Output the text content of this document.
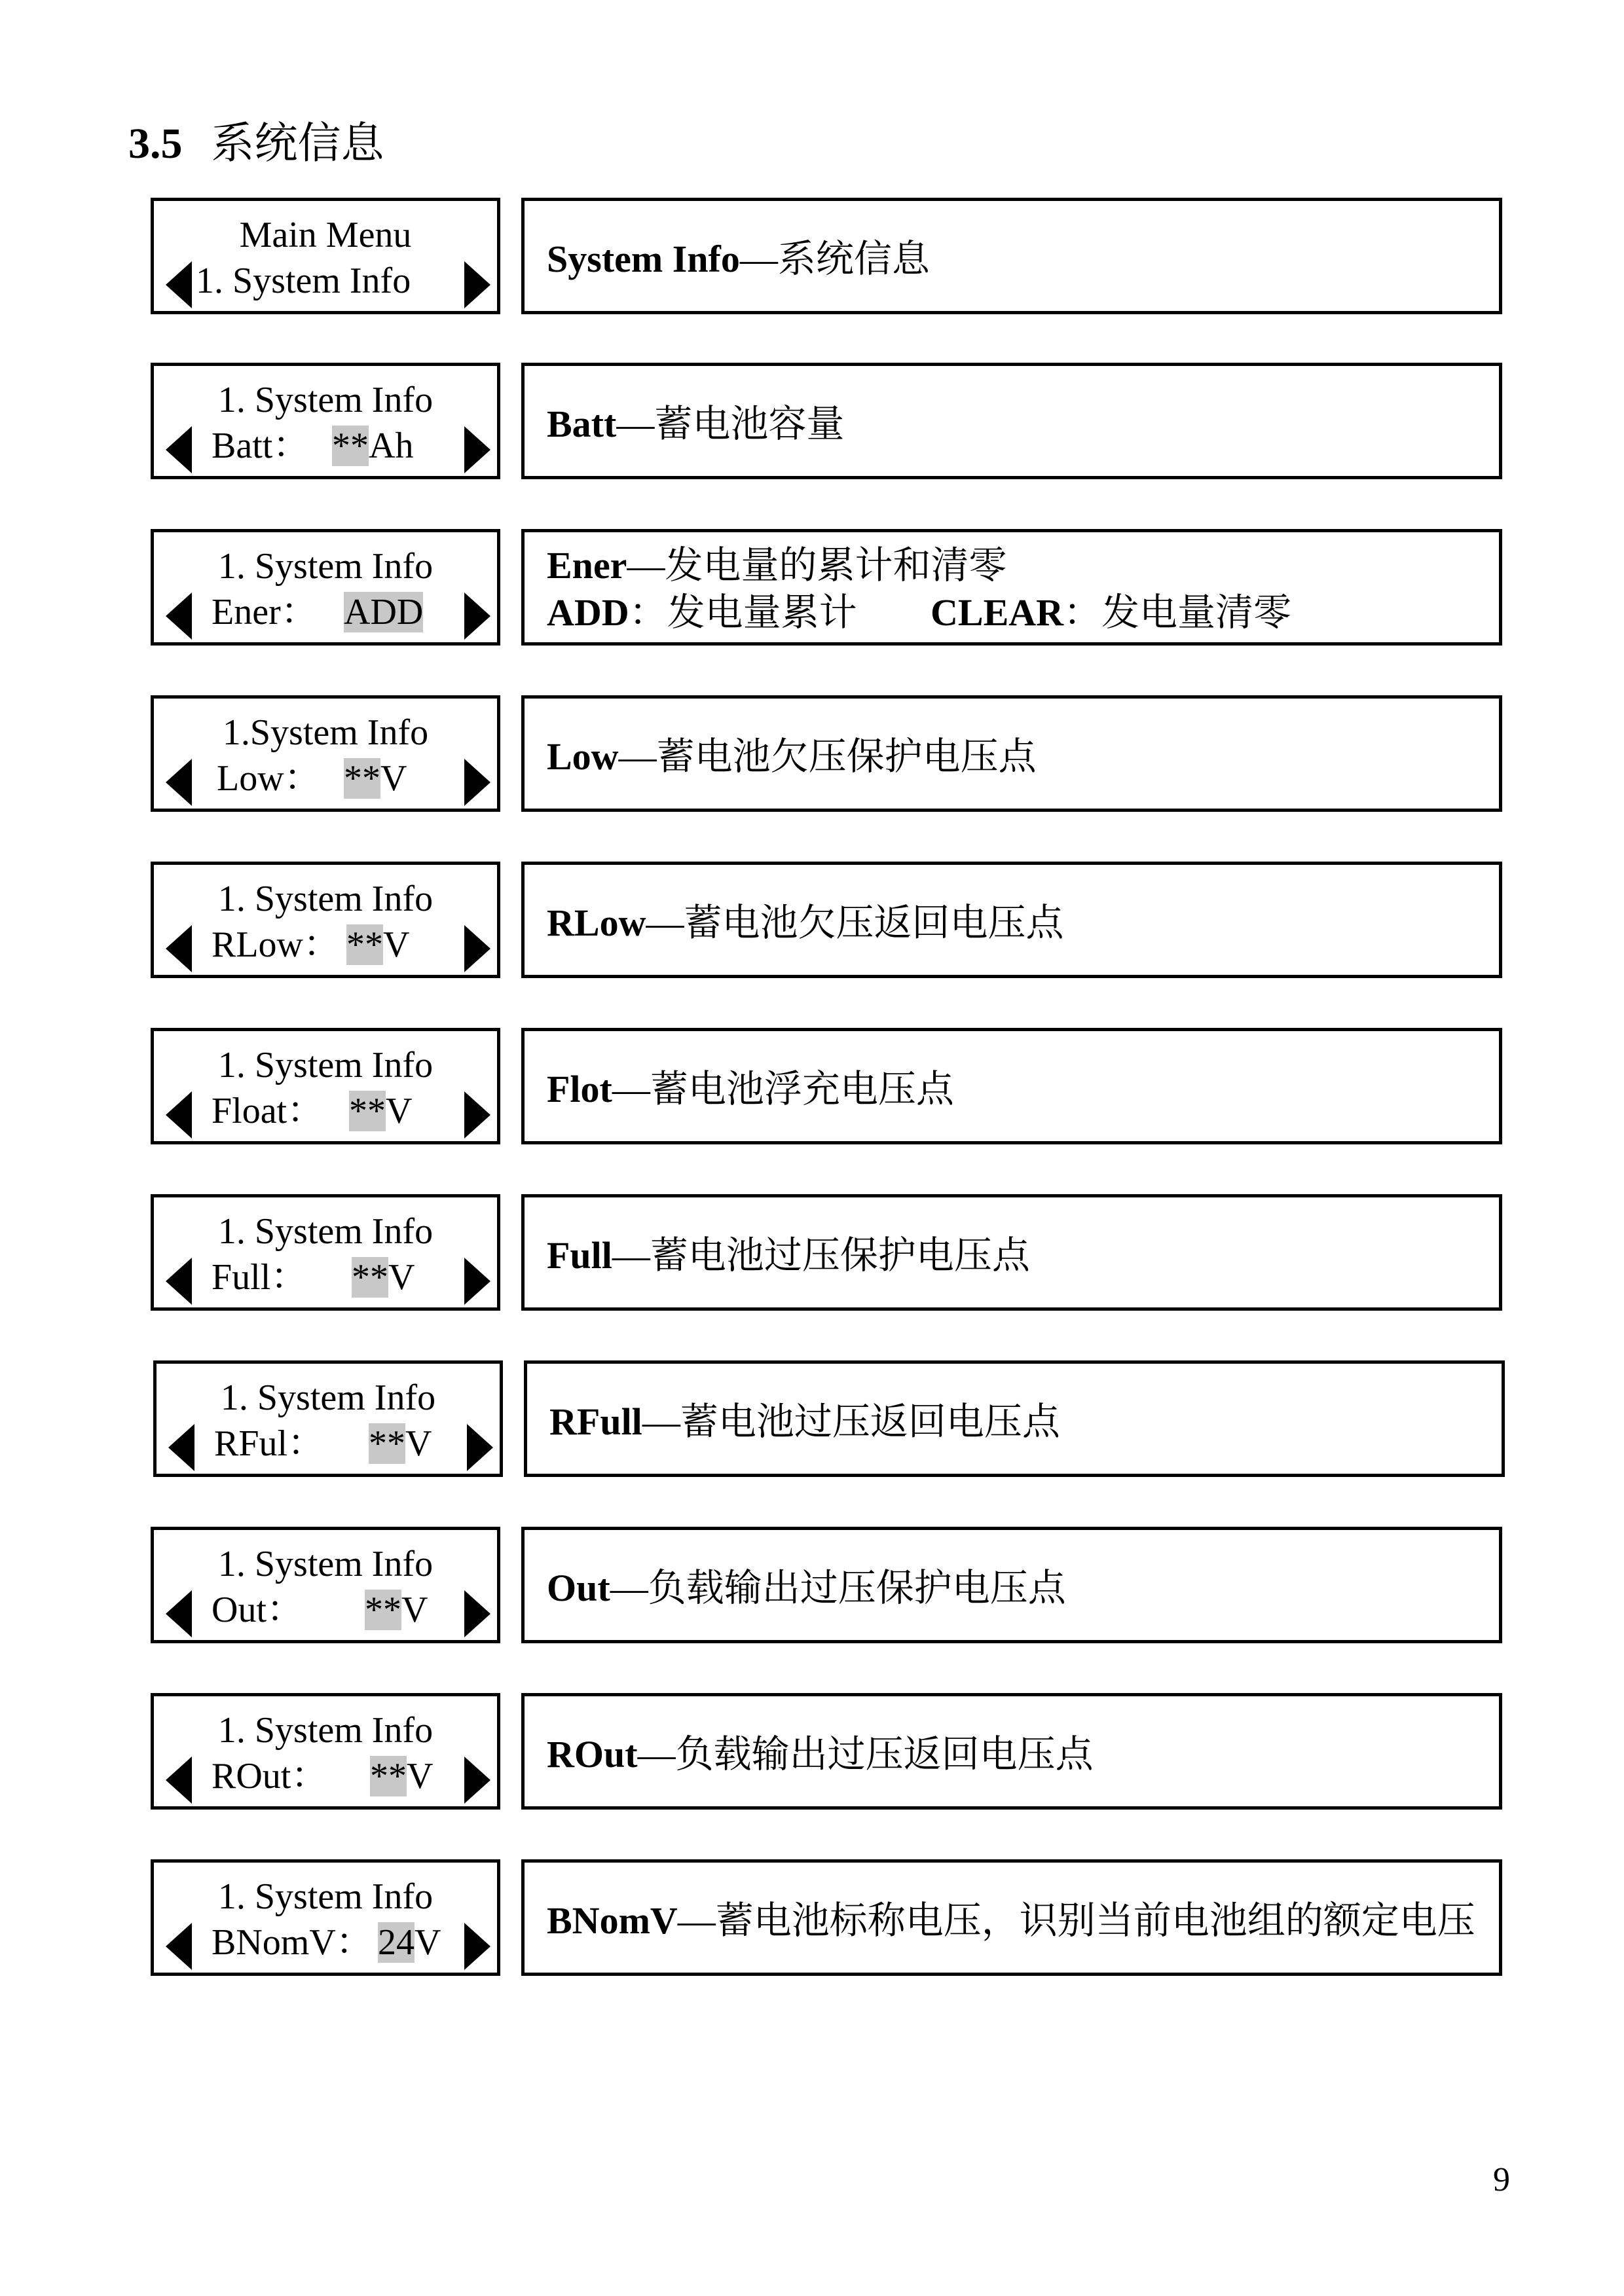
3.5 系统信息
Main Menu
1. System Info
System Info—系统信息
1. System Info
Batt： **Ah
Batt—蓄电池容量
1. System Info
Ener： ADD
Ener—发电量的累计和清零
ADD：发电量累计 CLEAR：发电量清零
1.System Info
Low： **V
Low—蓄电池欠压保护电压点
1. System Info
RLow： **V
RLow—蓄电池欠压返回电压点
1. System Info
Float： **V
Flot—蓄电池浮充电压点
1. System Info
Full： **V
Full—蓄电池过压保护电压点
1. System Info
RFul： **V
RFull—蓄电池过压返回电压点
1. System Info
Out： **V
Out—负载输出过压保护电压点
1. System Info
ROut： **V
ROut—负载输出过压返回电压点
1. System Info
BNomV： 24V
BNomV—蓄电池标称电压，识别当前电池组的额定电压
9
